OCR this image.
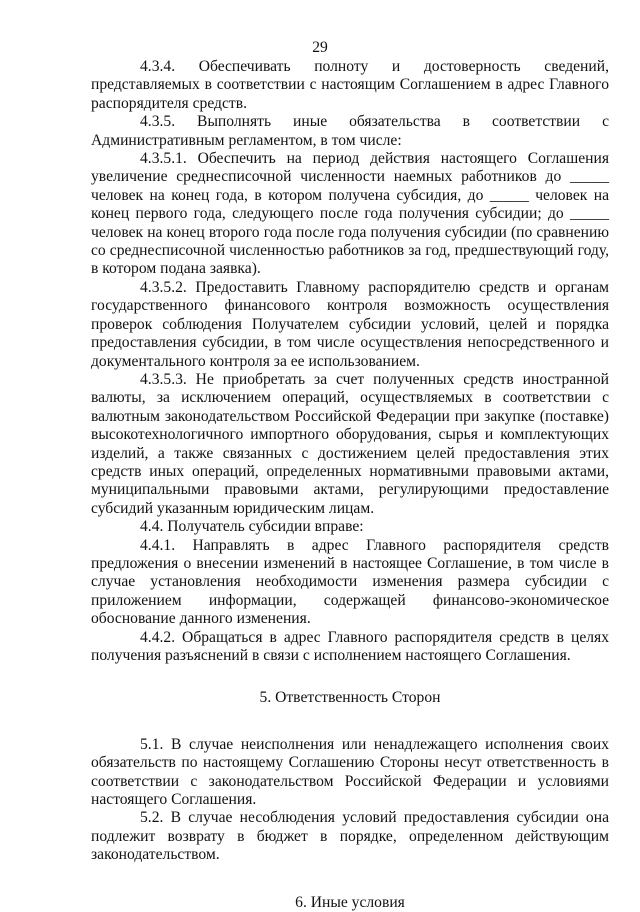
29

4.3.4. Обеспечивать полноту и достоверность сведений, представляемых в соответствии с настоящим Соглашением в адрес Главного распорядителя средств.

4.3.5. Выполнять иные обязательства в соответствии с Административным регламентом, в том числе:

4.3.5.1. Обеспечить на период действия настоящего Соглашения увеличение среднесписочной численности наемных работников до _____ человек на конец года, в котором получена субсидия, до _____ человек на конец первого года, следующего после года получения субсидии; до _____ человек на конец второго года после года получения субсидии (по сравнению со среднесписочной численностью работников за год, предшествующий году, в котором подана заявка).

4.3.5.2. Предоставить Главному распорядителю средств и органам государственного финансового контроля возможность осуществления проверок соблюдения Получателем субсидии условий, целей и порядка предоставления субсидии, в том числе осуществления непосредственного и документального контроля за ее использованием.

4.3.5.3. Не приобретать за счет полученных средств иностранной валюты, за исключением операций, осуществляемых в соответствии с валютным законодательством Российской Федерации при закупке (поставке) высокотехнологичного импортного оборудования, сырья и комплектующих изделий, а также связанных с достижением целей предоставления этих средств иных операций, определенных нормативными правовыми актами, муниципальными правовыми актами, регулирующими предоставление субсидий указанным юридическим лицам.

4.4. Получатель субсидии вправе:

4.4.1. Направлять в адрес Главного распорядителя средств предложения о внесении изменений в настоящее Соглашение, в том числе в случае установления необходимости изменения размера субсидии с приложением информации, содержащей финансово-экономическое обоснование данного изменения.

4.4.2. Обращаться в адрес Главного распорядителя средств в целях получения разъяснений в связи с исполнением настоящего Соглашения.

5. Ответственность Сторон

5.1. В случае неисполнения или ненадлежащего исполнения своих обязательств по настоящему Соглашению Стороны несут ответственность в соответствии с законодательством Российской Федерации и условиями настоящего Соглашения.

5.2. В случае несоблюдения условий предоставления субсидии она подлежит возврату в бюджет в порядке, определенном действующим законодательством.

6. Иные условия
